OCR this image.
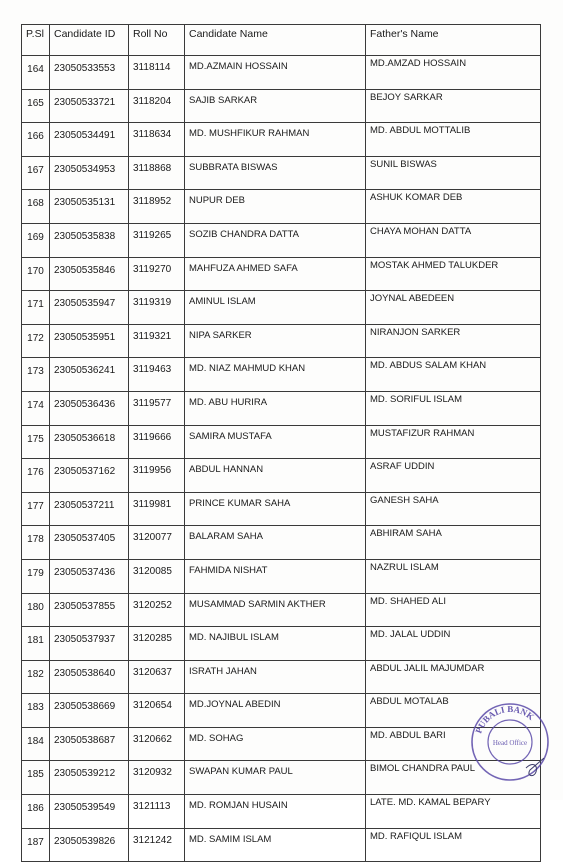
P.Sl	Candidate ID	Roll No	Candidate Name	Father's Name
164	23050533553	3118114	MD.AZMAIN HOSSAIN	MD.AMZAD HOSSAIN
165	23050533721	3118204	SAJIB SARKAR	BEJOY SARKAR
166	23050534491	3118634	MD. MUSHFIKUR RAHMAN	MD. ABDUL MOTTALIB
167	23050534953	3118868	SUBBRATA BISWAS	SUNIL BISWAS
168	23050535131	3118952	NUPUR DEB	ASHUK KOMAR DEB
169	23050535838	3119265	SOZIB CHANDRA DATTA	CHAYA MOHAN DATTA
170	23050535846	3119270	MAHFUZA AHMED SAFA	MOSTAK AHMED TALUKDER
171	23050535947	3119319	AMINUL ISLAM	JOYNAL ABEDEEN
172	23050535951	3119321	NIPA SARKER	NIRANJON SARKER
173	23050536241	3119463	MD. NIAZ MAHMUD KHAN	MD. ABDUS SALAM KHAN
174	23050536436	3119577	MD. ABU HURIRA	MD. SORIFUL ISLAM
175	23050536618	3119666	SAMIRA MUSTAFA	MUSTAFIZUR RAHMAN
176	23050537162	3119956	ABDUL HANNAN	ASRAF UDDIN
177	23050537211	3119981	PRINCE KUMAR SAHA	GANESH SAHA
178	23050537405	3120077	BALARAM SAHA	ABHIRAM SAHA
179	23050537436	3120085	FAHMIDA NISHAT	NAZRUL ISLAM
180	23050537855	3120252	MUSAMMAD SARMIN AKTHER	MD. SHAHED ALI
181	23050537937	3120285	MD. NAJIBUL ISLAM	MD. JALAL UDDIN
182	23050538640	3120637	ISRATH JAHAN	ABDUL JALIL MAJUMDAR
183	23050538669	3120654	MD.JOYNAL ABEDIN	ABDUL MOTALAB
184	23050538687	3120662	MD. SOHAG	MD. ABDUL BARI
185	23050539212	3120932	SWAPAN KUMAR PAUL	BIMOL CHANDRA PAUL
186	23050539549	3121113	MD. ROMJAN HUSAIN	LATE. MD. KAMAL BEPARY
187	23050539826	3121242	MD. SAMIM ISLAM	MD. RAFIQUL ISLAM
PUBALI BANK
Head Office
